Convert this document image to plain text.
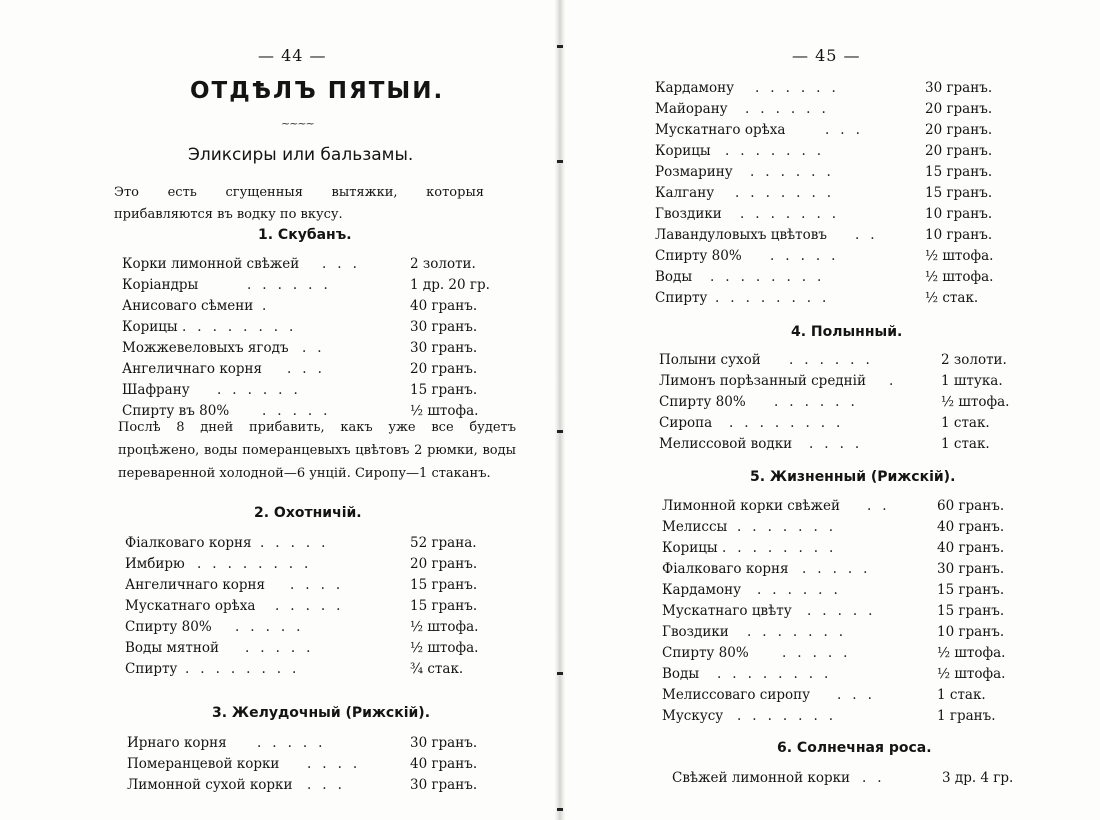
— 44 —
ОТДѢЛЪ ПЯТЫИ.
~~~~
Эликсиры или бальзамы.

Это есть сгущенныя вытяжки, которыя прибавляются въ водку по вкусу.

1. Скубанъ.
Корки лимонной свѣжей ...	2 золоти.
Коріандры	......	1 др. 20 гр.
Анисоваго сѣмени .	40 гранъ.
Корицы ........	30 гранъ.
Можжевеловыхъ ягодъ ..	30 гранъ.
Ангеличнаго корня ...	20 гранъ.
Шафрану ......	15 гранъ.
Спирту въ 80% .....	½ штофа.
Послѣ 8 дней прибавить, какъ уже все будетъ процѣжено, воды померанцевыхъ цвѣтовъ 2 рюмки, воды переваренной холодной—6 унцій. Сиропу—1 стаканъ.
2. Охотничій.
Фіалковаго корня .....	52 грана.
Имбирю ........	20 гранъ.
Ангеличнаго корня ....	15 гранъ.
Мускатнаго орѣха .....	15 гранъ.
Спирту 80% .....	½ штофа.
Воды мятной .....	½ штофа.
Спирту ........	¾ стак.
3. Желудочный (Рижскій).
Ирнаго корня .....	30 гранъ.
Померанцевой корки ....	40 гранъ.
Лимонной сухой корки ...	30 гранъ.
— 45 —
Кардамону ......	30 гранъ.
Майорану ......	20 гранъ.
Мускатнаго орѣха	...	20 гранъ.
Корицы .......	20 гранъ.
Розмарину ......	15 гранъ.
Калгану .......	15 гранъ.
Гвоздики .......	10 гранъ.
Лавандуловыхъ цвѣтовъ ..	10 гранъ.
Спирту 80% .....	½ штофа.
Воды ........	½ штофа.
Спирту ........	½ стак.
4. Полынный.
Полыни сухой ......	2 золоти.
Лимонъ порѣзанный средній .	1 штука.
Спирту 80% ......	½ штофа.
Сиропа ........	1 стак.
Мелиссовой водки ....	1 стак.
5. Жизненный (Рижскій).
Лимонной корки свѣжей ..	60 гранъ.
Мелиссы .......	40 гранъ.
Корицы ........	40 гранъ.
Фіалковаго корня .....	30 гранъ.
Кардамону ......	15 гранъ.
Мускатнаго цвѣту .....	15 гранъ.
Гвоздики .......	10 гранъ.
Спирту 80% .....	½ штофа.
Воды ........	½ штофа.
Мелиссоваго сиропу ...	1 стак.
Мускусу .......	1 гранъ.
6. Солнечная роса.
Свѣжей лимонной корки ..	3 др. 4 гр.
